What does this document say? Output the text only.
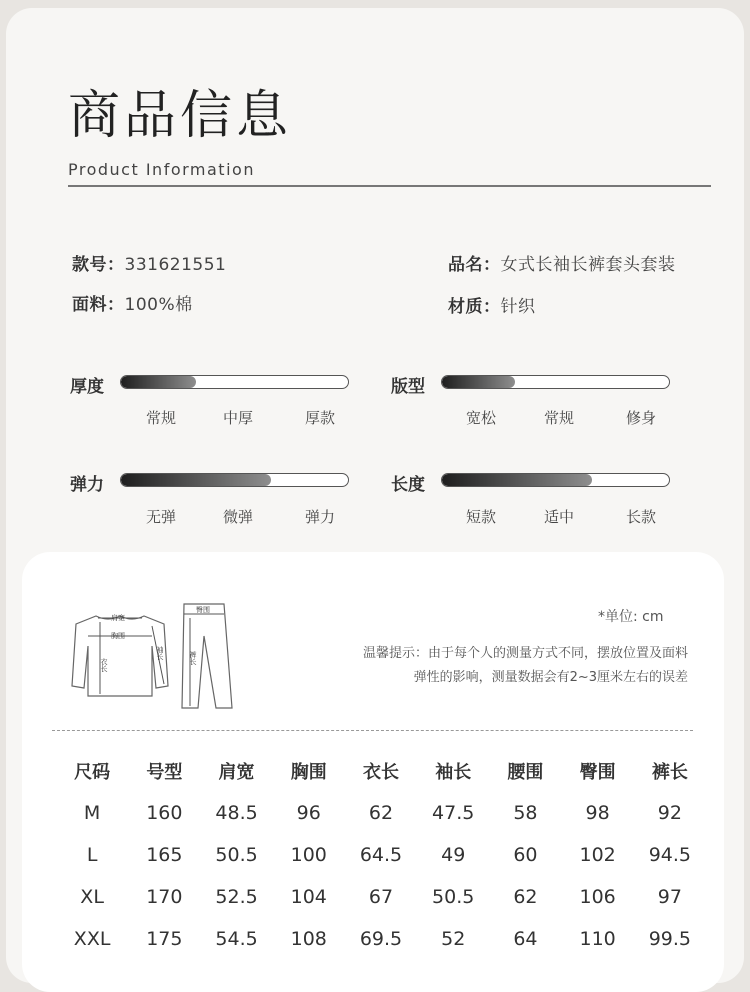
商品信息
Product Information
款号：331621551	品名：女式长袖长裤套头套装
面料：100%棉	材质：针织
厚度
常规	中厚	厚款
版型
宽松	常规	修身
弹力
无弹	微弹	弹力
长度
短款	适中	长款
肩宽
胸围
衣长
袖长
臀围
裤长
*单位: cm
温馨提示：由于每个人的测量方式不同，摆放位置及面料
弹性的影响，测量数据会有2~3厘米左右的误差
尺码	号型	肩宽	胸围	衣长	袖长	腰围	臀围	裤长
M	160	48.5	96	62	47.5	58	98	92
L	165	50.5	100	64.5	49	60	102	94.5
XL	170	52.5	104	67	50.5	62	106	97
XXL	175	54.5	108	69.5	52	64	110	99.5
